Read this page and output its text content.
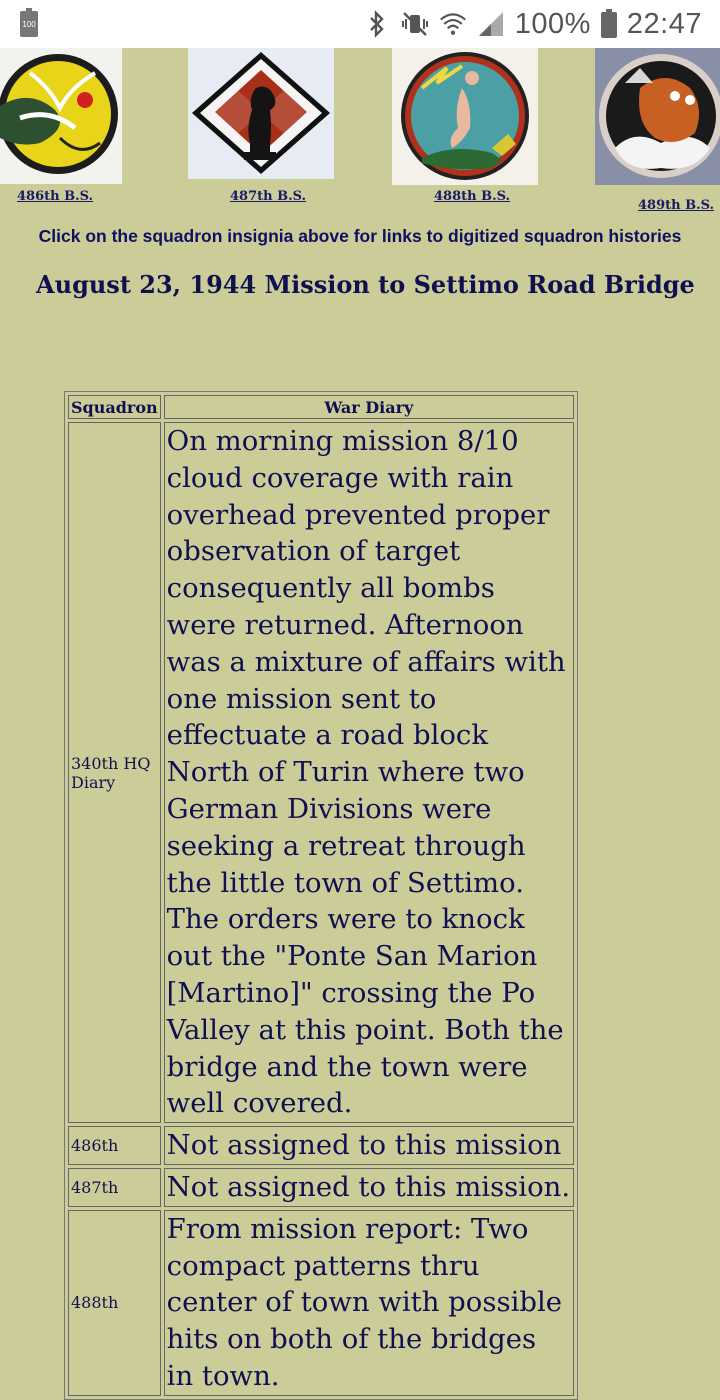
100	100% 22:47
486th B.S.	487th B.S.	488th B.S.
489th B.S.
Click on the squadron insignia above for links to digitized squadron histories
August 23, 1944 Mission to Settimo Road Bridge
Squadron	War Diary
340th HQ Diary	On morning mission 8/10 cloud coverage with rain overhead prevented proper observation of target consequently all bombs were returned. Afternoon was a mixture of affairs with one mission sent to effectuate a road block North of Turin where two German Divisions were seeking a retreat through the little town of Settimo. The orders were to knock out the "Ponte San Marion [Martino]" crossing the Po Valley at this point. Both the bridge and the town were well covered.
486th	Not assigned to this mission
487th	Not assigned to this mission.
488th	From mission report: Two compact patterns thru center of town with possible hits on both of the bridges in town.
